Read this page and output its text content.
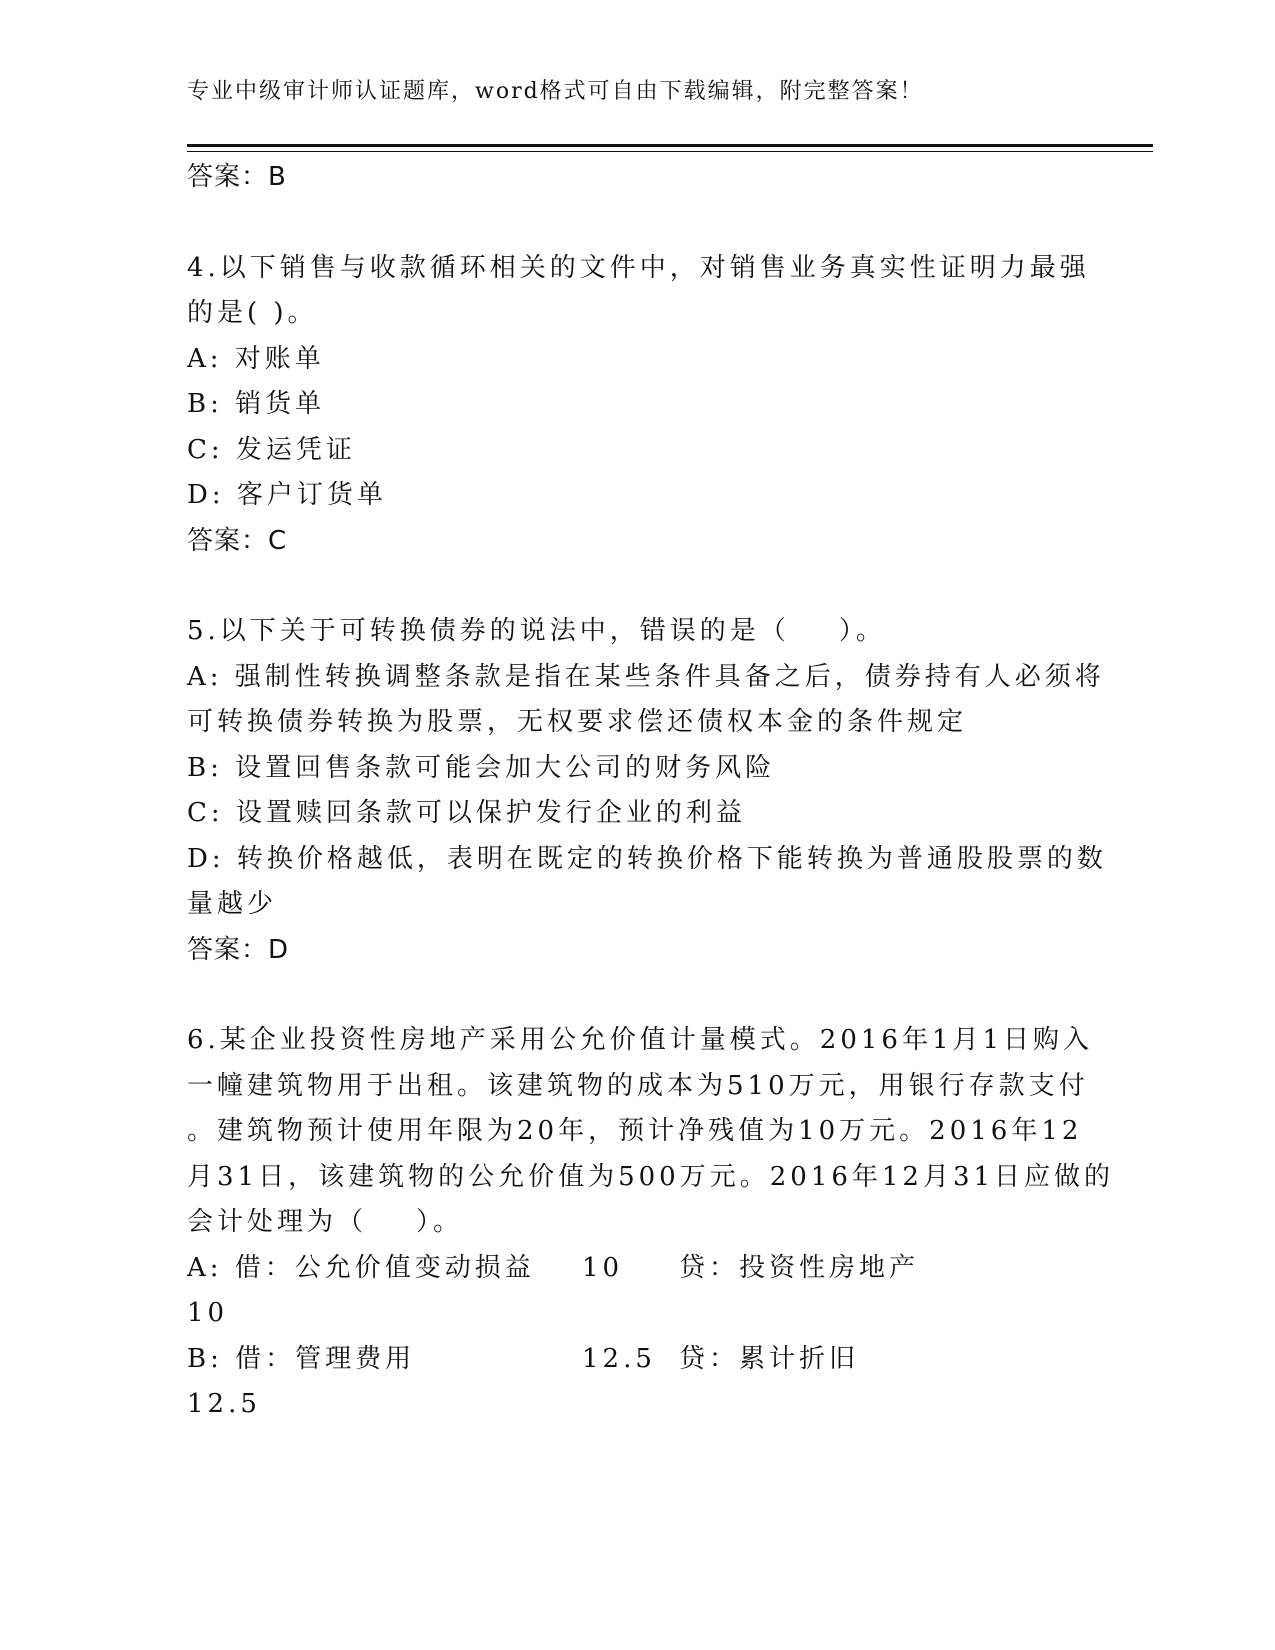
专业中级审计师认证题库，word格式可自由下载编辑，附完整答案！
答案：B
4.以下销售与收款循环相关的文件中，对销售业务真实性证明力最强
的是( )。
A: 对账单
B: 销货单
C: 发运凭证
D: 客户订货单
答案：C
5.以下关于可转换债券的说法中，错误的是（    ）。
A: 强制性转换调整条款是指在某些条件具备之后，债券持有人必须将
可转换债券转换为股票，无权要求偿还债权本金的条件规定
B: 设置回售条款可能会加大公司的财务风险
C: 设置赎回条款可以保护发行企业的利益
D: 转换价格越低，表明在既定的转换价格下能转换为普通股股票的数
量越少
答案：D
6.某企业投资性房地产采用公允价值计量模式。2016年1月1日购入
一幢建筑物用于出租。该建筑物的成本为510万元，用银行存款支付
。建筑物预计使用年限为20年，预计净残值为10万元。2016年12
月31日，该建筑物的公允价值为500万元。2016年12月31日应做的
会计处理为（    ）。
A: 借：公允价值变动损益 10 贷：投资性房地产
10
B: 借：管理费用	12.5 贷：累计折旧
12.5
